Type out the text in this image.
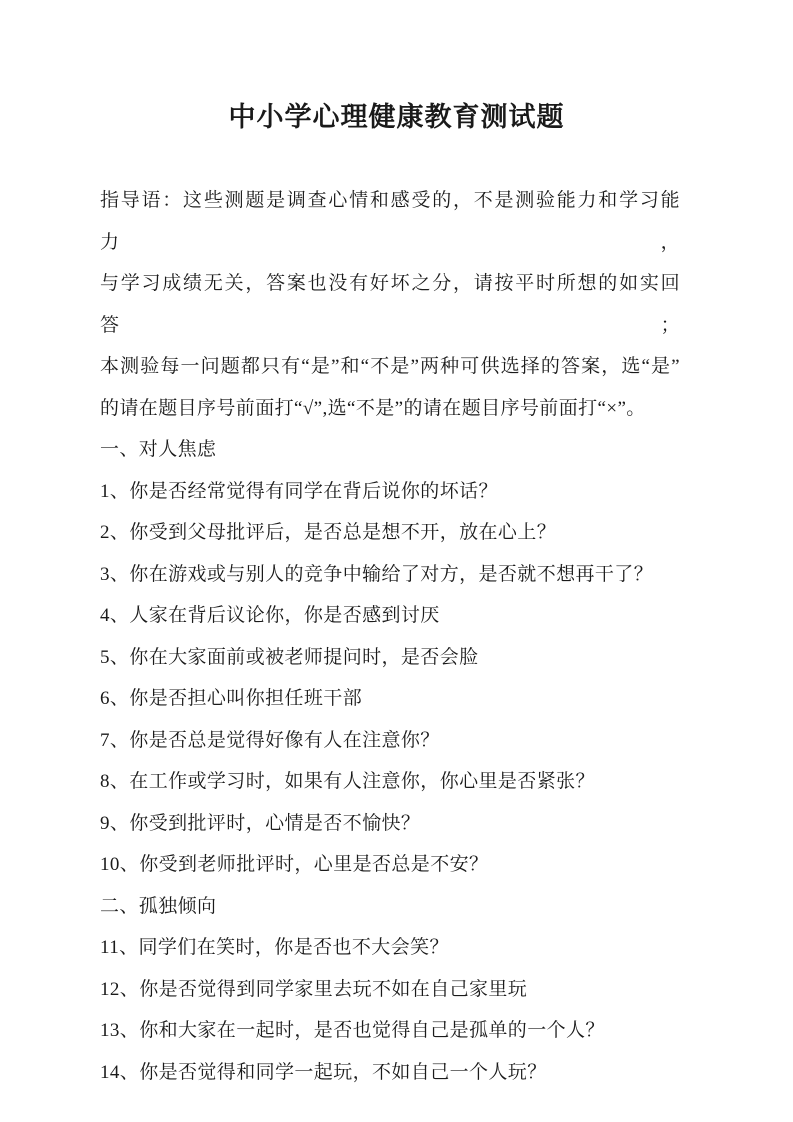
中小学心理健康教育测试题
指导语：这些测题是调查心情和感受的，不是测验能力和学习能力，
与学习成绩无关，答案也没有好坏之分，请按平时所想的如实回答；
本测验每一问题都只有“是”和“不是”两种可供选择的答案，选“是”
的请在题目序号前面打“√”,选“不是”的请在题目序号前面打“×”。
一、对人焦虑
1、你是否经常觉得有同学在背后说你的坏话？
2、你受到父母批评后，是否总是想不开，放在心上？
3、你在游戏或与别人的竞争中输给了对方，是否就不想再干了？
4、人家在背后议论你，你是否感到讨厌
5、你在大家面前或被老师提问时，是否会脸
6、你是否担心叫你担任班干部
7、你是否总是觉得好像有人在注意你？
8、在工作或学习时，如果有人注意你，你心里是否紧张？
9、你受到批评时，心情是否不愉快？
10、你受到老师批评时，心里是否总是不安？
二、孤独倾向
11、同学们在笑时，你是否也不大会笑？
12、你是否觉得到同学家里去玩不如在自己家里玩
13、你和大家在一起时，是否也觉得自己是孤单的一个人？
14、你是否觉得和同学一起玩，不如自己一个人玩？
